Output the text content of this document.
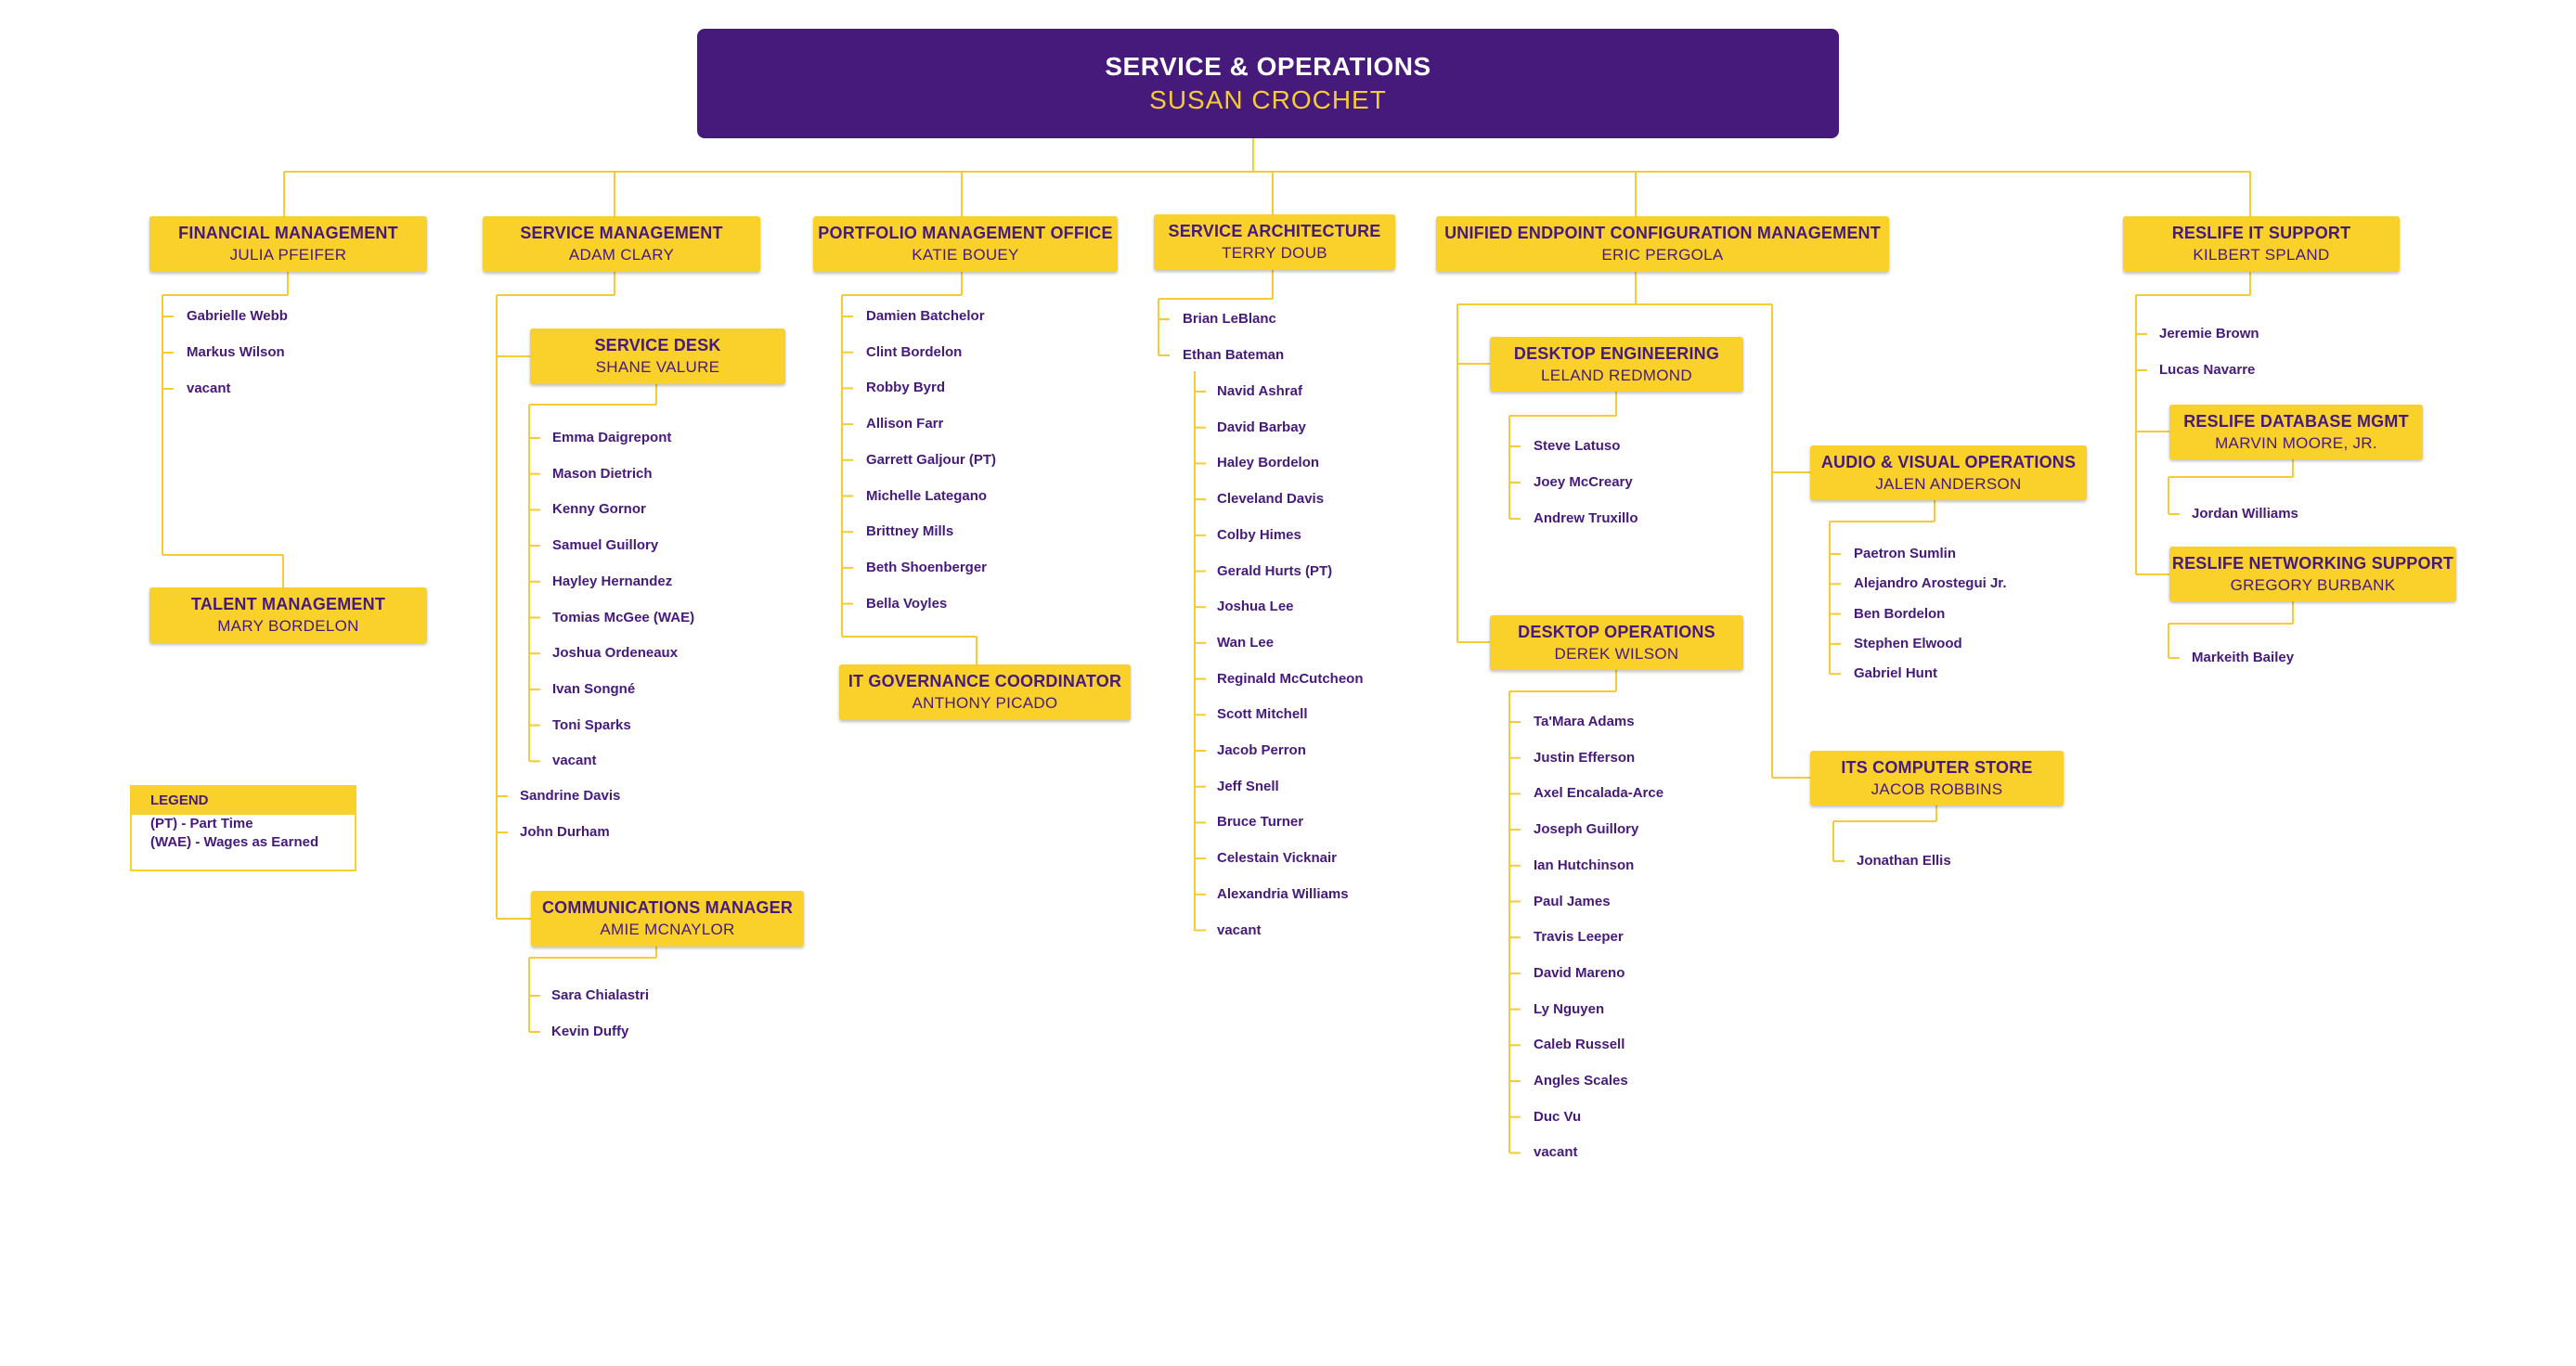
SERVICE & OPERATIONS
SUSAN CROCHET
FINANCIAL MANAGEMENT
JULIA PFEIFER
TALENT MANAGEMENT
MARY BORDELON
SERVICE MANAGEMENT
ADAM CLARY
SERVICE DESK
SHANE VALURE
COMMUNICATIONS MANAGER
AMIE MCNAYLOR
PORTFOLIO MANAGEMENT OFFICE
KATIE BOUEY
IT GOVERNANCE COORDINATOR
ANTHONY PICADO
SERVICE ARCHITECTURE
TERRY DOUB
UNIFIED ENDPOINT CONFIGURATION MANAGEMENT
ERIC PERGOLA
DESKTOP ENGINEERING
LELAND REDMOND
DESKTOP OPERATIONS
DEREK WILSON
AUDIO & VISUAL OPERATIONS
JALEN ANDERSON
ITS COMPUTER STORE
JACOB ROBBINS
RESLIFE IT SUPPORT
KILBERT SPLAND
RESLIFE DATABASE MGMT
MARVIN MOORE, JR.
RESLIFE NETWORKING SUPPORT
GREGORY BURBANK
Gabrielle Webb
Markus Wilson
vacant
Emma Daigrepont
Mason Dietrich
Kenny Gornor
Samuel Guillory
Hayley Hernandez
Tomias McGee (WAE)
Joshua Ordeneaux
Ivan Songné
Toni Sparks
vacant
Sandrine Davis
John Durham
Sara Chialastri
Kevin Duffy
Damien Batchelor
Clint Bordelon
Robby Byrd
Allison Farr
Garrett Galjour (PT)
Michelle Lategano
Brittney Mills
Beth Shoenberger
Bella Voyles
Brian LeBlanc
Ethan Bateman
Navid Ashraf
David Barbay
Haley Bordelon
Cleveland Davis
Colby Himes
Gerald Hurts (PT)
Joshua Lee
Wan Lee
Reginald McCutcheon
Scott Mitchell
Jacob Perron
Jeff Snell
Bruce Turner
Celestain Vicknair
Alexandria Williams
vacant
Steve Latuso
Joey McCreary
Andrew Truxillo
Ta'Mara Adams
Justin Efferson
Axel Encalada-Arce
Joseph Guillory
Ian Hutchinson
Paul James
Travis Leeper
David Mareno
Ly Nguyen
Caleb Russell
Angles Scales
Duc Vu
vacant
Paetron Sumlin
Alejandro Arostegui Jr.
Ben Bordelon
Stephen Elwood
Gabriel Hunt
Jonathan Ellis
Jeremie Brown
Lucas Navarre
Jordan Williams
Markeith Bailey
LEGEND
(PT) - Part Time
(WAE) - Wages as Earned
